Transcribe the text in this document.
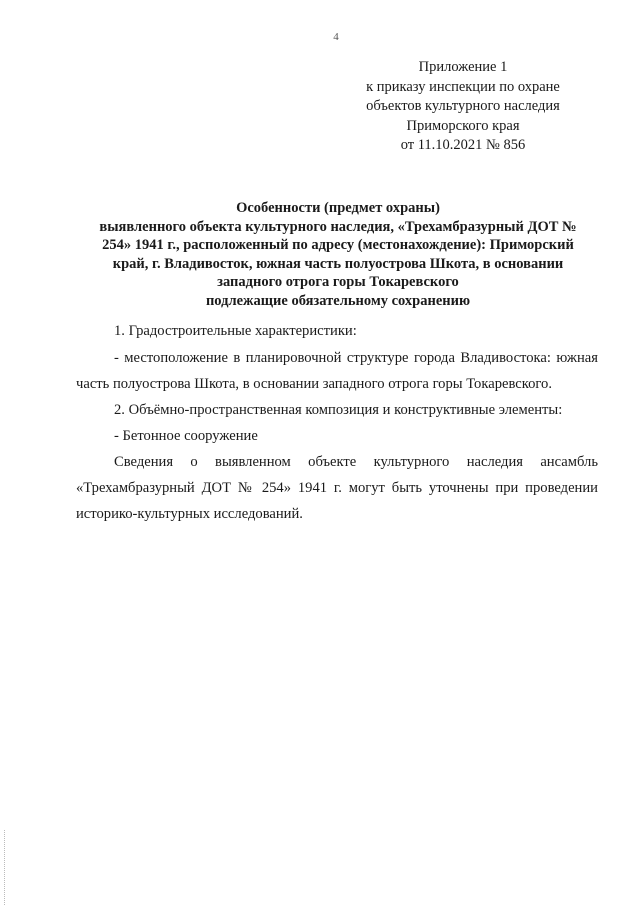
4
Приложение 1
к приказу инспекции по охране
объектов культурного наследия
Приморского края
от 11.10.2021 № 856
Особенности (предмет охраны)
выявленного объекта культурного наследия, «Трехамбразурный ДОТ №
254» 1941 г., расположенный по адресу (местонахождение): Приморский
край, г. Владивосток, южная часть полуострова Шкота, в основании
западного отрога горы Токаревского
подлежащие обязательному сохранению

1. Градостроительные характеристики:

- местоположение в планировочной структуре города Владивостока: южная часть полуострова Шкота, в основании западного отрога горы Токаревского.

2. Объёмно-пространственная композиция и конструктивные элементы:

- Бетонное сооружение

Сведения о выявленном объекте культурного наследия ансамбль «Трехамбразурный ДОТ № 254» 1941 г. могут быть уточнены при проведении историко-культурных исследований.
